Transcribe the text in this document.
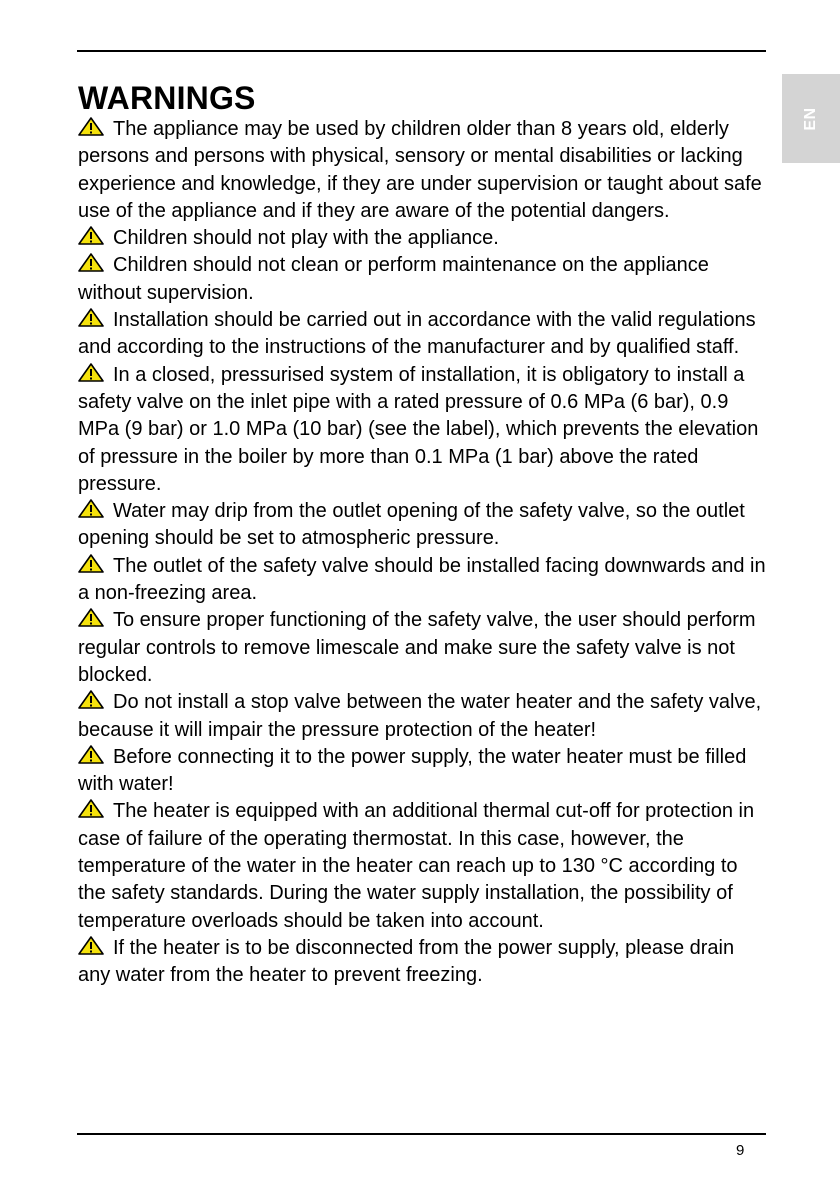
EN
WARNINGS
The appliance may be used by children older than 8 years old, elderly persons and persons with physical, sensory or mental disabilities or lacking experience and knowledge, if they are under supervision or taught about safe use of the appliance and if they are aware of the potential dangers.
Children should not play with the appliance.
Children should not clean or perform maintenance on the appliance without supervision.
Installation should be carried out in accordance with the valid regulations and according to the instructions of the manufacturer and by qualified staff.
In a closed, pressurised system of installation, it is obligatory to install a safety valve on the inlet pipe with a rated pressure of 0.6 MPa (6 bar), 0.9 MPa (9 bar) or 1.0 MPa (10 bar) (see the label), which prevents the elevation of pressure in the boiler by more than 0.1 MPa (1 bar) above the rated pressure.
Water may drip from the outlet opening of the safety valve, so the outlet opening should be set to atmospheric pressure.
The outlet of the safety valve should be installed facing downwards and in a non-freezing area.
To ensure proper functioning of the safety valve, the user should perform regular controls to remove limescale and make sure the safety valve is not blocked.
Do not install a stop valve between the water heater and the safety valve, because it will impair the pressure protection of the heater!
Before connecting it to the power supply, the water heater must be filled with water!
The heater is equipped with an additional thermal cut-off for protection in case of failure of the operating thermostat. In this case, however, the temperature of the water in the heater can reach up to 130 °C according to the safety standards. During the water supply installation, the possibility of temperature overloads should be taken into account.
If the heater is to be disconnected from the power supply, please drain any water from the heater to prevent freezing.
9
